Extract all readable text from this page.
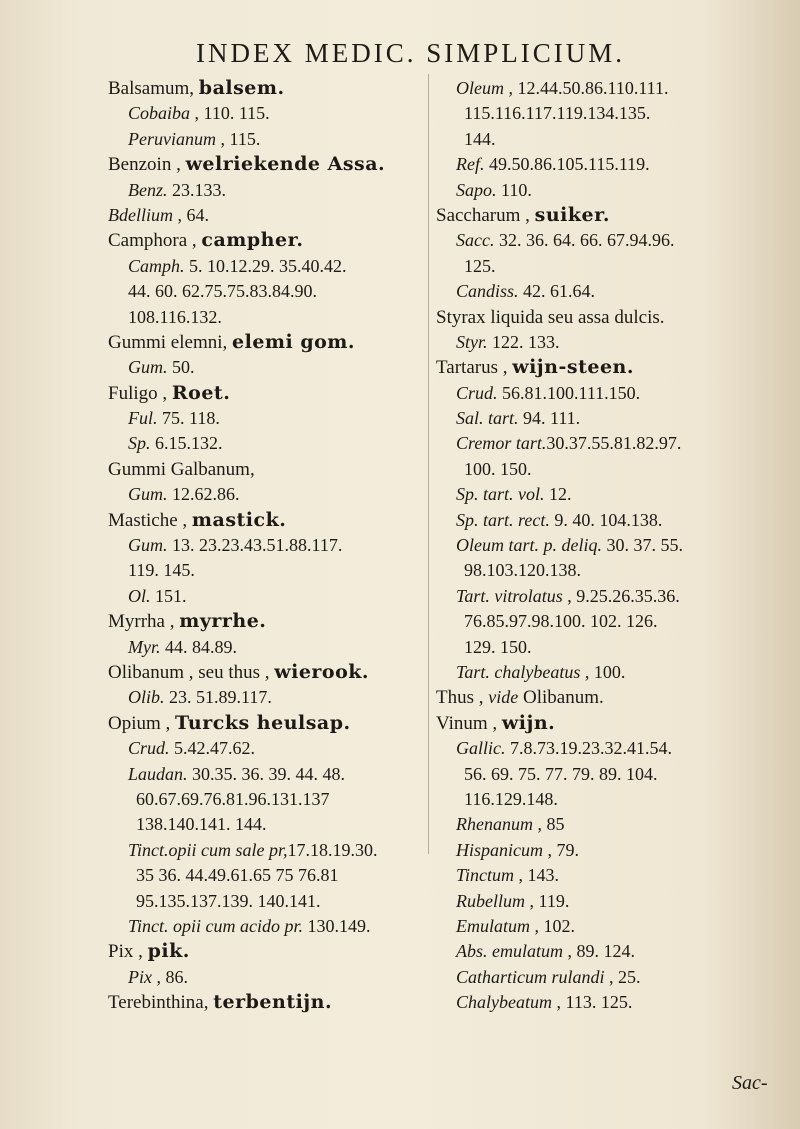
INDEX MEDIC. SIMPLICIUM.
Balsamum, balsem.
Cobaiba , 110. 115.
Peruvianum , 115.
Benzoin , welriekende Assa.
Benz. 23.133.
Bdellium , 64.
Camphora , campher.
Camph. 5. 10.12.29. 35.40.42.
44. 60. 62.75.75.83.84.90.
108.116.132.
Gummi elemni, elemi gom.
Gum. 50.
Fuligo , Roet.
Ful. 75. 118.
Sp. 6.15.132.
Gummi Galbanum,
Gum. 12.62.86.
Mastiche , mastick.
Gum. 13. 23.23.43.51.88.117.
119. 145.
Ol. 151.
Myrrha , myrrhe.
Myr. 44. 84.89.
Olibanum , seu thus , wierook.
Olib. 23. 51.89.117.
Opium , Turcks heulsap.
Crud. 5.42.47.62.
Laudan. 30.35. 36. 39. 44. 48.
60.67.69.76.81.96.131.137
138.140.141. 144.
Tinct.opii cum sale pr,17.18.19.30.
35 36. 44.49.61.65 75 76.81
95.135.137.139. 140.141.
Tinct. opii cum acido pr. 130.149.
Pix , pik.
Pix , 86.
Terebinthina, terbentijn.
Oleum , 12.44.50.86.110.111.
115.116.117.119.134.135.
144.
Ref. 49.50.86.105.115.119.
Sapo. 110.
Saccharum , suiker.
Sacc. 32. 36. 64. 66. 67.94.96.
125.
Candiss. 42. 61.64.
Styrax liquida seu assa dulcis.
Styr. 122. 133.
Tartarus , wijn-steen.
Crud. 56.81.100.111.150.
Sal. tart. 94. 111.
Cremor tart.30.37.55.81.82.97.
100. 150.
Sp. tart. vol. 12.
Sp. tart. rect. 9. 40. 104.138.
Oleum tart. p. deliq. 30. 37. 55.
98.103.120.138.
Tart. vitrolatus , 9.25.26.35.36.
76.85.97.98.100. 102. 126.
129. 150.
Tart. chalybeatus , 100.
Thus , vide Olibanum.
Vinum , wijn.
Gallic. 7.8.73.19.23.32.41.54.
56. 69. 75. 77. 79. 89. 104.
116.129.148.
Rhenanum , 85
Hispanicum , 79.
Tinctum , 143.
Rubellum , 119.
Emulatum , 102.
Abs. emulatum , 89. 124.
Catharticum rulandi , 25.
Chalybeatum , 113. 125.
Sac-
